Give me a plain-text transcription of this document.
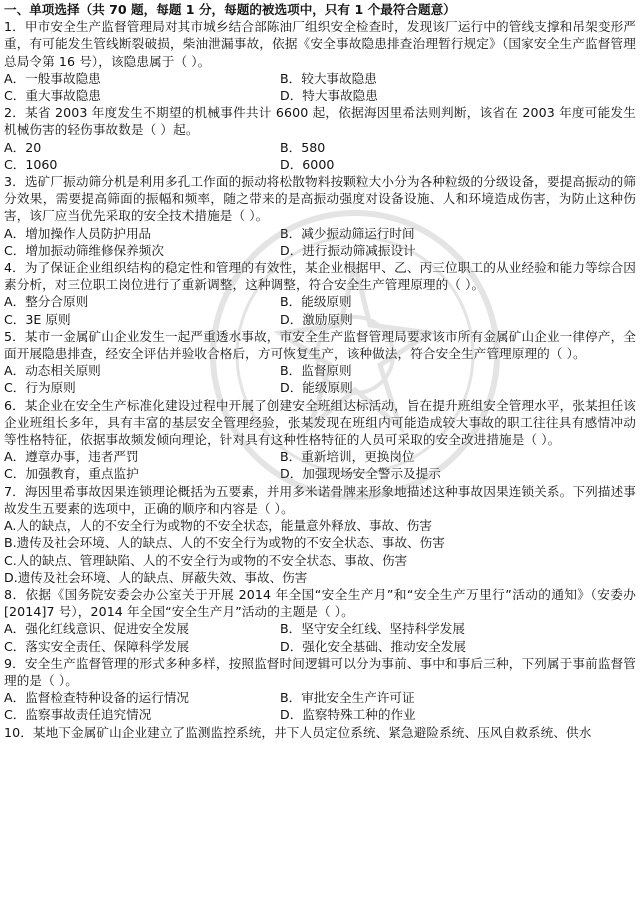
一、单项选择（共 70 题，每题 1 分，每题的被选项中，只有 1 个最符合题意）
1．甲市安全生产监督管理局对其市城乡结合部陈油厂组织安全检查时，发现该厂运行中的管线支撑和吊架变形严重，有可能发生管线断裂破损，柴油泄漏事故，依据《安全事故隐患排查治理暂行规定》（国家安全生产监督管理总局令第 16 号），该隐患属于（ ）。
A．一般事故隐患	B．较大事故隐患
C．重大事故隐患	D．特大事故隐患
2．某省 2003 年度发生不期望的机械事件共计 6600 起，依据海因里希法则判断，该省在 2003 年度可能发生机械伤害的轻伤事故数是（ ）起。
A．20	B．580
C．1060	D．6000
3．选矿厂振动筛分机是利用多孔工作面的振动将松散物料按颗粒大小分为各种粒级的分级设备，要提高振动的筛分效果，需要提高筛面的振幅和频率，随之带来的是高振动强度对设备设施、人和环境造成伤害，为防止这种伤害，该厂应当优先采取的安全技术措施是（ ）。
A．增加操作人员防护用品	B．减少振动筛运行时间
C．增加振动筛维修保养频次	D．进行振动筛减振设计
4．为了保证企业组织结构的稳定性和管理的有效性，某企业根据甲、乙、丙三位职工的从业经验和能力等综合因素分析，对三位职工岗位进行了重新调整，这种调整，符合安全生产管理原理的（ ）。
A．整分合原则	B．能级原则
C．3E 原则	D．激励原则
5．某市一金属矿山企业发生一起严重透水事故，市安全生产监督管理局要求该市所有金属矿山企业一律停产，全面开展隐患排查，经安全评估并验收合格后，方可恢复生产，该种做法，符合安全生产管理原理的（ ）。
A．动态相关原则	B．监督原则
C．行为原则	D．能级原则
6．某企业在安全生产标准化建设过程中开展了创建安全班组达标活动，旨在提升班组安全管理水平，张某担任该企业班组长多年，具有丰富的基层安全管理经验，张某发现在班组内可能造成较大事故的职工往往具有感情冲动等性格特征，依据事故频发倾向理论，针对具有这种性格特征的人员可采取的安全改进措施是（ ）。
A．遵章办事，违者严罚	B．重新培训，更换岗位
C．加强教育，重点监护	D．加强现场安全警示及提示
7．海因里希事故因果连锁理论概括为五要素，并用多米诺骨牌来形象地描述这种事故因果连锁关系。下列描述事故发生五要素的选项中，正确的顺序和内容是（ ）。
A.人的缺点，人的不安全行为或物的不安全状态，能量意外释放、事故、伤害
B.遗传及社会环境、人的缺点、人的不安全行为或物的不安全状态、事故、伤害
C.人的缺点、管理缺陷、人的不安全行为或物的不安全状态、事故、伤害
D.遗传及社会环境、人的缺点、屏蔽失效、事故、伤害
8．依据《国务院安委会办公室关于开展 2014 年全国“安全生产月”和“安全生产万里行”活动的通知》（安委办[2014]7 号），2014 年全国“安全生产月”活动的主题是（ ）。
A．强化红线意识、促进安全发展	B．坚守安全红线、坚持科学发展
C．落实安全责任、保障科学发展	D．强化安全基础、推动安全发展
9．安全生产监督管理的形式多种多样，按照监督时间逻辑可以分为事前、事中和事后三种，下列属于事前监督管理的是（ ）。
A．监督检查特种设备的运行情况	B．审批安全生产许可证
C．监察事故责任追究情况	D．监察特殊工种的作业
10．某地下金属矿山企业建立了监测监控系统，井下人员定位系统、紧急避险系统、压风自救系统、供水
